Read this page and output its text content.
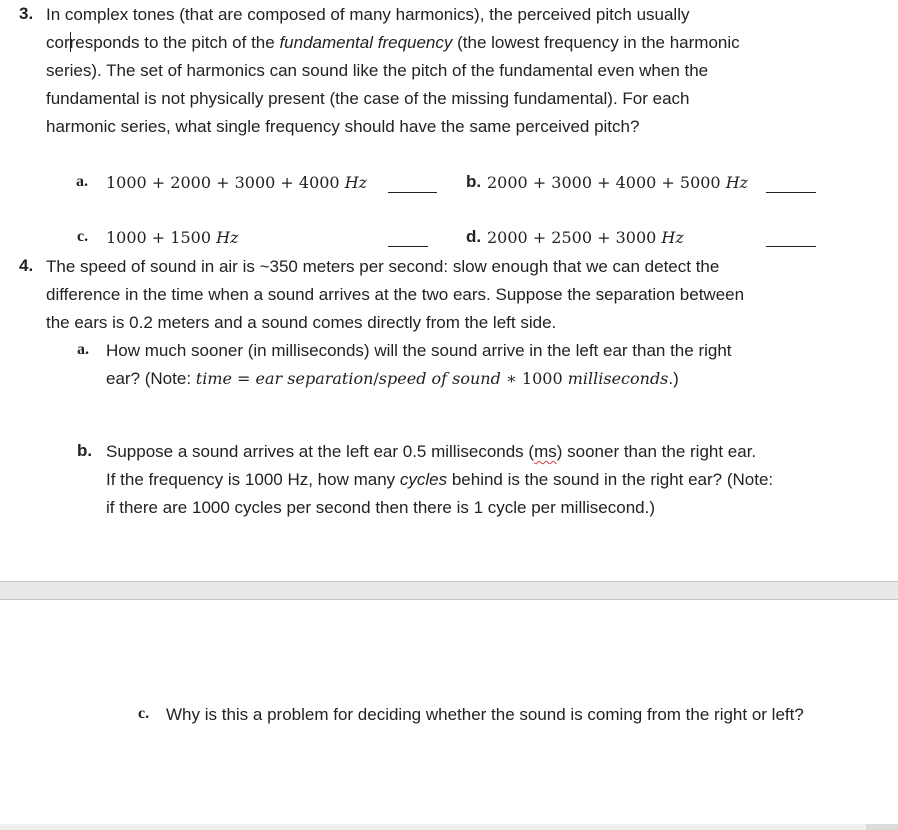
3. In complex tones (that are composed of many harmonics), the perceived pitch usually
corresponds to the pitch of the fundamental frequency (the lowest frequency in the harmonic
series). The set of harmonics can sound like the pitch of the fundamental even when the
fundamental is not physically present (the case of the missing fundamental). For each
harmonic series, what single frequency should have the same perceived pitch?
a. 1000 + 2000 + 3000 + 4000 Hz	b. 2000 + 3000 + 4000 + 5000 Hz
c. 1000 + 1500 Hz	d. 2000 + 2500 + 3000 Hz
4. The speed of sound in air is ~350 meters per second: slow enough that we can detect the
difference in the time when a sound arrives at the two ears. Suppose the separation between
the ears is 0.2 meters and a sound comes directly from the left side.
a. How much sooner (in milliseconds) will the sound arrive in the left ear than the right
ear? (Note: time = ear separation/speed of sound ∗ 1000 milliseconds.)
b. Suppose a sound arrives at the left ear 0.5 milliseconds (ms) sooner than the right ear.
If the frequency is 1000 Hz, how many cycles behind is the sound in the right ear? (Note:
if there are 1000 cycles per second then there is 1 cycle per millisecond.)
c. Why is this a problem for deciding whether the sound is coming from the right or left?
